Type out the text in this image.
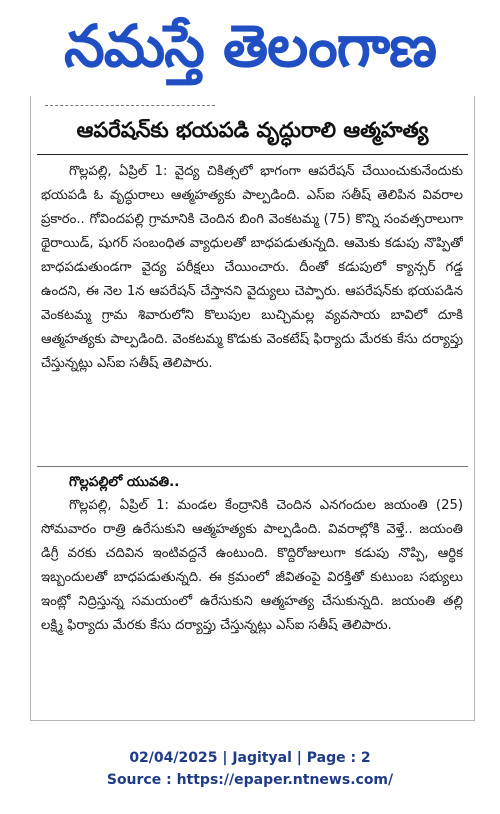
నమస్తే తెలంగాణ
ఆపరేషన్‌కు భయపడి వృద్ధురాలి ఆత్మహత్య

గొల్లపల్లి, ఏప్రిల్ 1: వైద్య చికిత్సలో భాగంగా ఆపరేషన్ చేయించుకునేందుకు భయపడి ఓ వృద్ధురాలు ఆత్మహత్యకు పాల్పడింది. ఎస్ఐ సతీష్ తెలిపిన వివరాల ప్రకారం.. గోవిందపల్లి గ్రామానికి చెందిన బింగి వెంకటమ్మ (75) కొన్ని సంవత్సరాలుగా థైరాయిడ్, షుగర్ సంబంధిత వ్యాధులతో బాధపడుతున్నది. ఆమెకు కడుపు నొప్పితో బాధపడుతుండగా వైద్య పరీక్షలు చేయించారు. దీంతో కడుపులో క్యాన్సర్ గడ్డ ఉందని, ఈ నెల 1న ఆపరేషన్ చేస్తానని వైద్యులు చెప్పారు. ఆపరేషన్‌కు భయపడిన వెంకటమ్మ గ్రామ శివారులోని కొలుపుల బుచ్చిమల్ల వ్యవసాయ బావిలో దూకి ఆత్మహత్యకు పాల్పడింది. వెంకటమ్మ కొడుకు వెంకటేష్ ఫిర్యాదు మేరకు కేసు దర్యాప్తు చేస్తున్నట్లు ఎస్ఐ సతీష్ తెలిపారు.

గొల్లపల్లిలో యువతి..

గొల్లపల్లి, ఏప్రిల్ 1: మండల కేంద్రానికి చెందిన ఎనగందుల జయంతి (25) సోమవారం రాత్రి ఉరేసుకుని ఆత్మహత్యకు పాల్పడింది. వివరాల్లోకి వెళ్తే.. జయంతి డిగ్రీ వరకు చదివిన ఇంటివద్దనే ఉంటుంది. కొద్దిరోజులుగా కడుపు నొప్పి, ఆర్థిక ఇబ్బందులతో బాధపడుతున్నది. ఈ క్రమంలో జీవితంపై విరక్తితో కుటుంబ సభ్యులు ఇంట్లో నిద్రిస్తున్న సమయంలో ఉరేసుకుని ఆత్మహత్య చేసుకున్నది. జయంతి తల్లి లక్ష్మి ఫిర్యాదు మేరకు కేసు దర్యాప్తు చేస్తున్నట్లు ఎస్ఐ సతీష్ తెలిపారు.

02/04/2025 | Jagityal | Page : 2
Source : https://epaper.ntnews.com/
